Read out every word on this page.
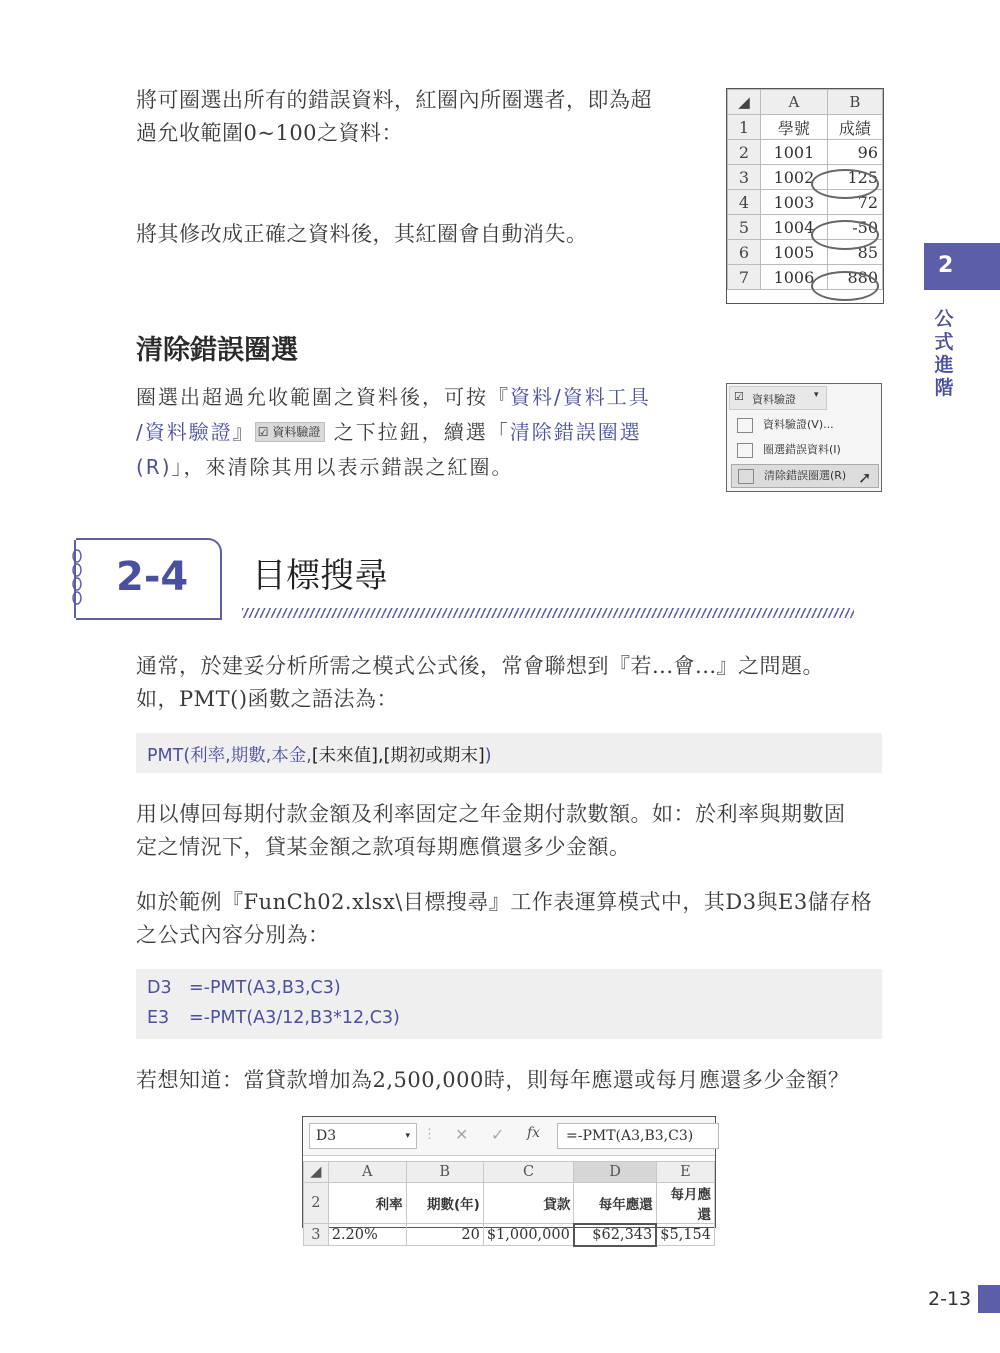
將可圈選出所有的錯誤資料，紅圈內所圈選者，即為超
過允收範圍0~100之資料：
將其修改成正確之資料後，其紅圈會自動消失。
◢	A	B
1	學號	成績
2	1001	96
3	1002	125
4	1003	72
5	1004	-50
6	1005	85
7	1006	880	2
公
式
進
階
清除錯誤圈選
圈選出超過允收範圍之資料後，可按『資料/資料工具
/資料驗證』 ☑ 資料驗證 之下拉鈕，續選「清除錯誤圈選
(R)」，來清除其用以表示錯誤之紅圈。
☑ 資料驗證 ▾
資料驗證(V)...
圈選錯誤資料(I)
清除錯誤圈選(R) ➚
2-4 目標搜尋
通常，於建妥分析所需之模式公式後，常會聯想到『若...會...』之問題。
如，PMT()函數之語法為：
PMT(利率,期數,本金,[未來值],[期初或期末])
用以傳回每期付款金額及利率固定之年金期付款數額。如：於利率與期數固
定之情況下，貸某金額之款項每期應償還多少金額。
如於範例『FunCh02.xlsx\目標搜尋』工作表運算模式中，其D3與E3儲存格
之公式內容分別為：
D3 =-PMT(A3,B3,C3)
E3 =-PMT(A3/12,B3*12,C3)
若想知道：當貸款增加為2,500,000時，則每年應還或每月應還多少金額？
D3	▾ ⋮ ✕ ✓ fx	=-PMT(A3,B3,C3)
◢	A	B	C	D	E
2	利率	期數(年)	貸款	每年應還	每月應還
3	2.20%	20	$1,000,000	$62,343	$5,154
2-13
